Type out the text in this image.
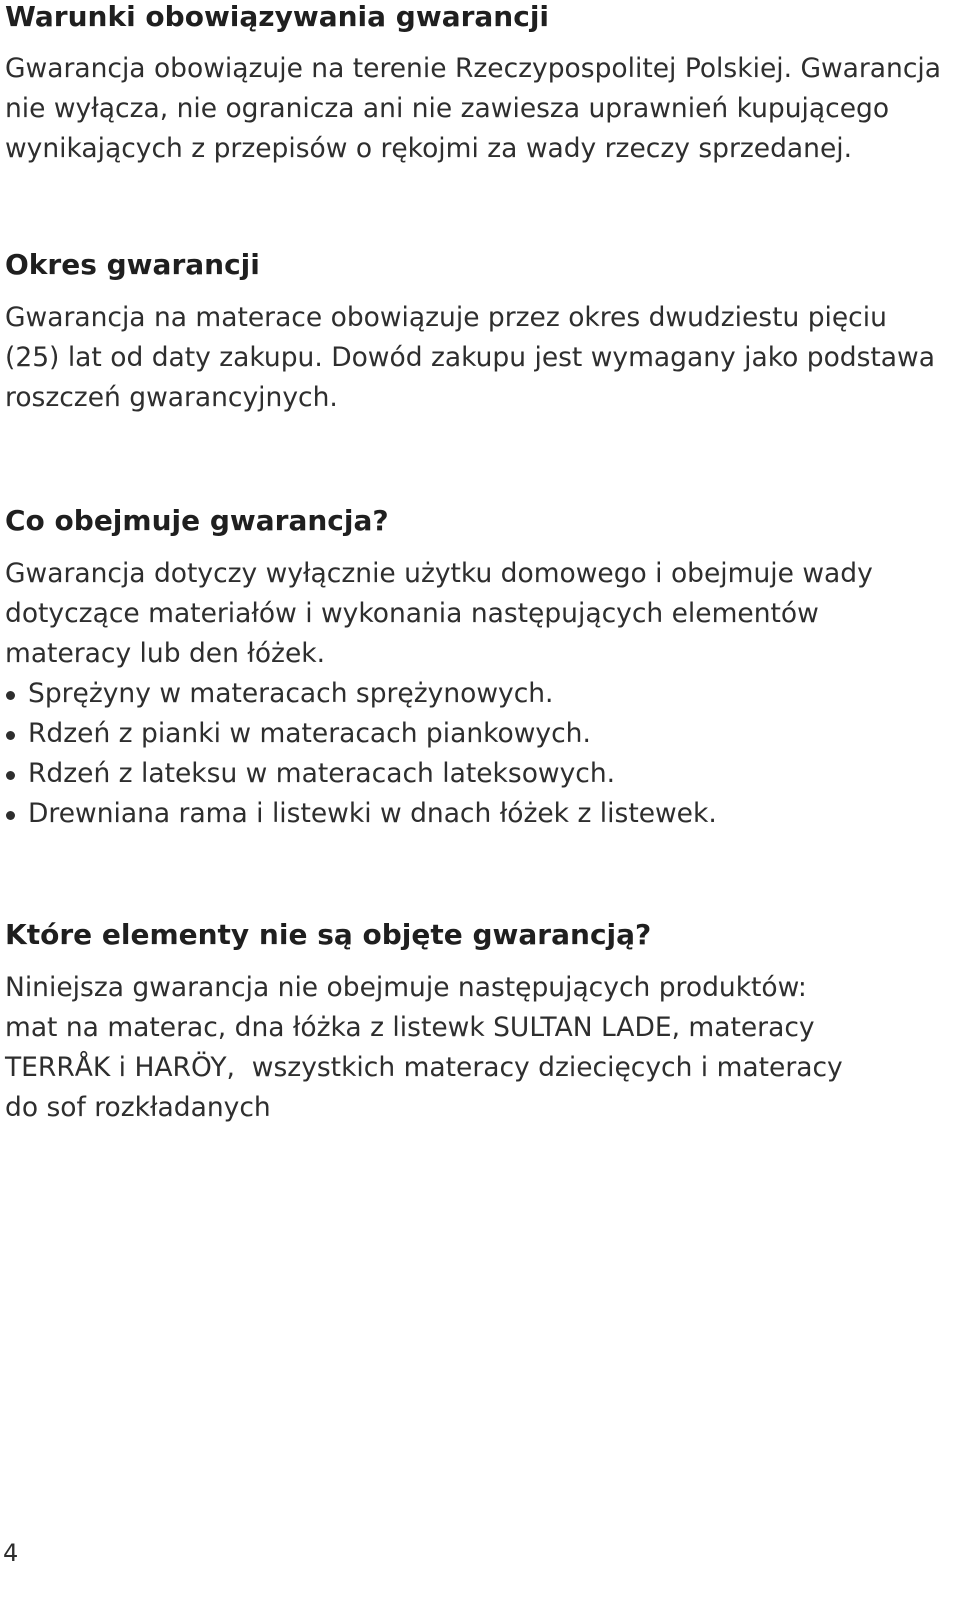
Warunki obowiązywania gwarancji

Gwarancja obowiązuje na terenie Rzeczypospolitej Polskiej. Gwarancja
nie wyłącza, nie ogranicza ani nie zawiesza uprawnień kupującego
wynikających z przepisów o rękojmi za wady rzeczy sprzedanej.

Okres gwarancji

Gwarancja na materace obowiązuje przez okres dwudziestu pięciu
(25) lat od daty zakupu. Dowód zakupu jest wymagany jako podstawa
roszczeń gwarancyjnych.

Co obejmuje gwarancja?

Gwarancja dotyczy wyłącznie użytku domowego i obejmuje wady
dotyczące materiałów i wykonania następujących elementów
materacy lub den łóżek.

Sprężyny w materacach sprężynowych.
Rdzeń z pianki w materacach piankowych.
Rdzeń z lateksu w materacach lateksowych.
Drewniana rama i listewki w dnach łóżek z listewek.
Które elementy nie są objęte gwarancją?

Niniejsza gwarancja nie obejmuje następujących produktów:
mat na materac, dna łóżka z listewk SULTAN LADE, materacy
TERRÅK i HARÖY,  wszystkich materacy dziecięcych i materacy
do sof rozkładanych

4
